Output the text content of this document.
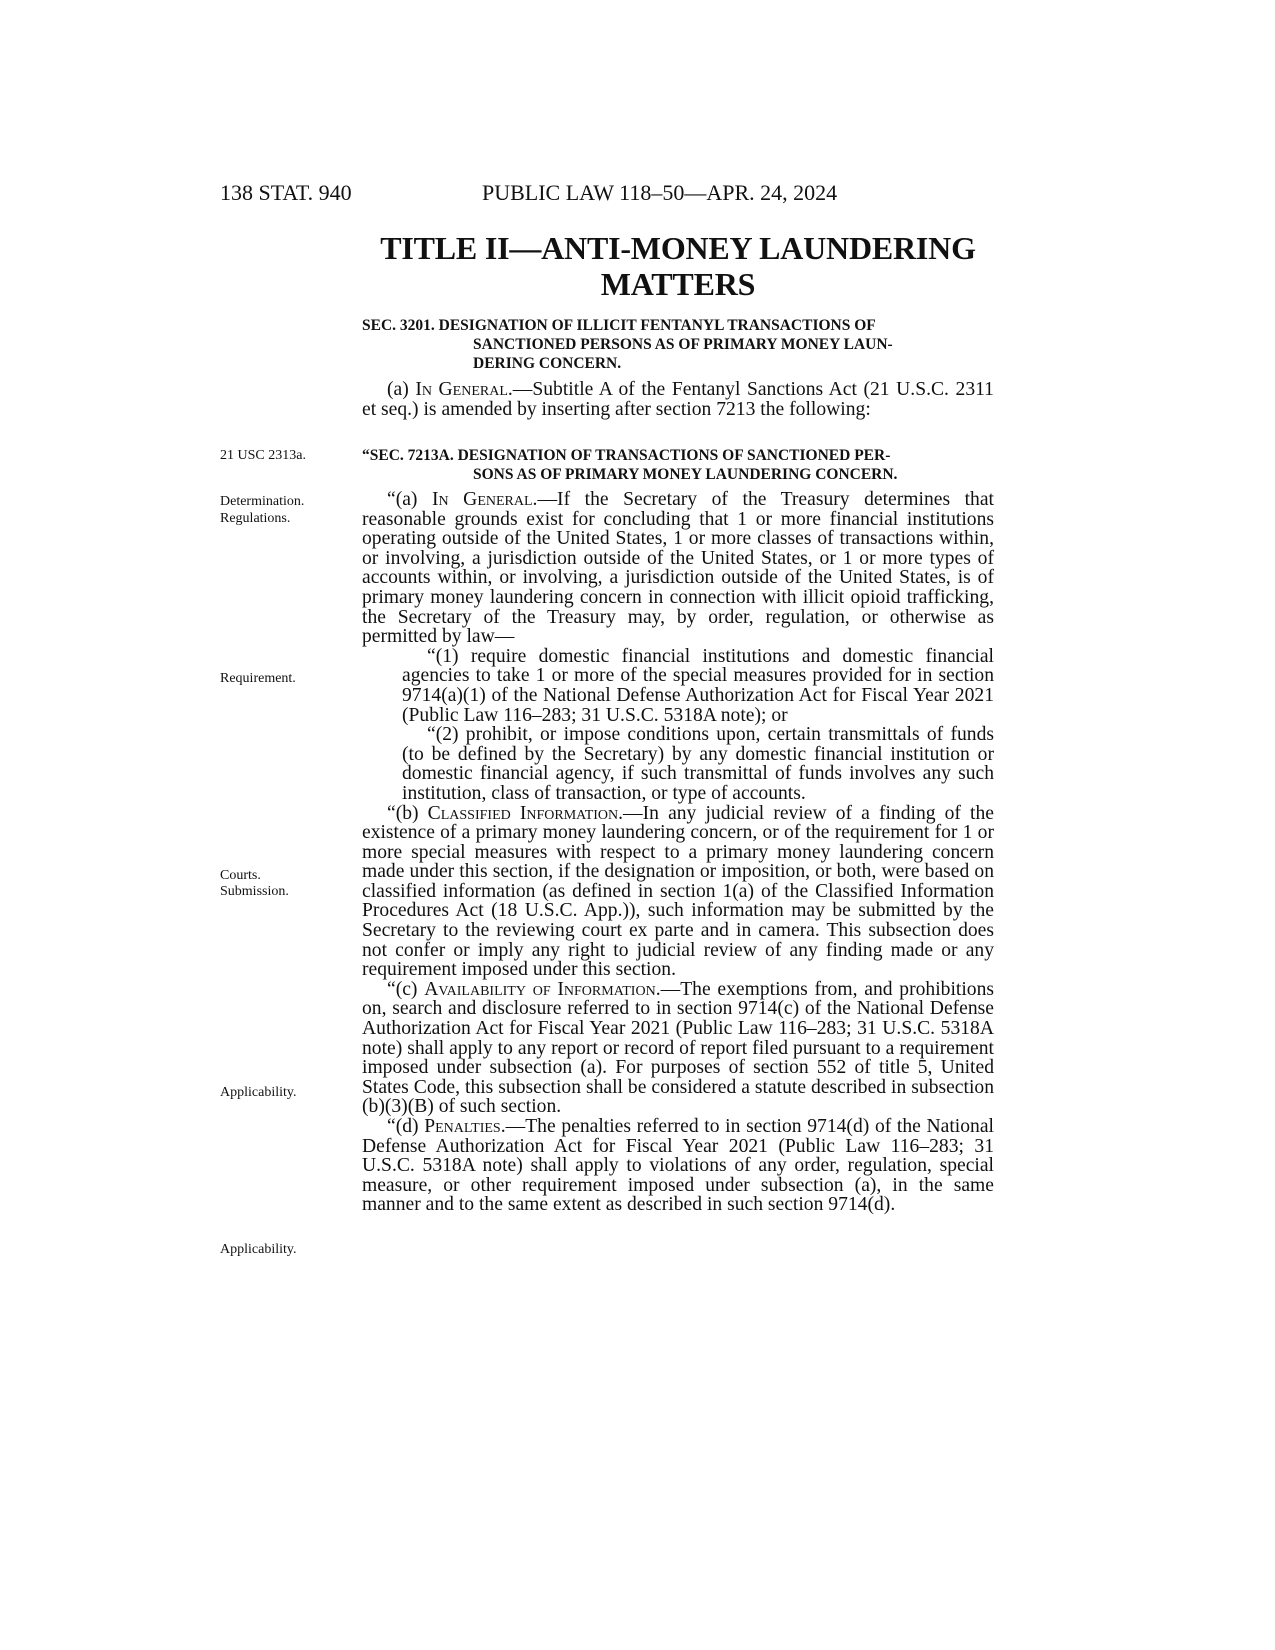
138 STAT. 940	PUBLIC LAW 118–50—APR. 24, 2024
TITLE II—ANTI-MONEY LAUNDERING
MATTERS
SEC. 3201. DESIGNATION OF ILLICIT FENTANYL TRANSACTIONS OF
SANCTIONED PERSONS AS OF PRIMARY MONEY LAUN-
DERING CONCERN.

(a) In General.—Subtitle A of the Fentanyl Sanctions Act (21 U.S.C. 2311 et seq.) is amended by inserting after section 7213 the following:

“SEC. 7213A. DESIGNATION OF TRANSACTIONS OF SANCTIONED PER-
SONS AS OF PRIMARY MONEY LAUNDERING CONCERN.

“(a) In General.—If the Secretary of the Treasury determines that reasonable grounds exist for concluding that 1 or more financial institutions operating outside of the United States, 1 or more classes of transactions within, or involving, a jurisdiction outside of the United States, or 1 or more types of accounts within, or involving, a jurisdiction outside of the United States, is of primary money laundering concern in connection with illicit opioid trafficking, the Secretary of the Treasury may, by order, regulation, or otherwise as permitted by law—

“(1) require domestic financial institutions and domestic financial agencies to take 1 or more of the special measures provided for in section 9714(a)(1) of the National Defense Authorization Act for Fiscal Year 2021 (Public Law 116–283; 31 U.S.C. 5318A note); or

“(2) prohibit, or impose conditions upon, certain transmittals of funds (to be defined by the Secretary) by any domestic financial institution or domestic financial agency, if such transmittal of funds involves any such institution, class of transaction, or type of accounts.

“(b) Classified Information.—In any judicial review of a finding of the existence of a primary money laundering concern, or of the requirement for 1 or more special measures with respect to a primary money laundering concern made under this section, if the designation or imposition, or both, were based on classified information (as defined in section 1(a) of the Classified Information Procedures Act (18 U.S.C. App.)), such information may be submitted by the Secretary to the reviewing court ex parte and in camera. This subsection does not confer or imply any right to judicial review of any finding made or any requirement imposed under this section.

“(c) Availability of Information.—The exemptions from, and prohibitions on, search and disclosure referred to in section 9714(c) of the National Defense Authorization Act for Fiscal Year 2021 (Public Law 116–283; 31 U.S.C. 5318A note) shall apply to any report or record of report filed pursuant to a requirement imposed under subsection (a). For purposes of section 552 of title 5, United States Code, this subsection shall be considered a statute described in subsection (b)(3)(B) of such section.

“(d) Penalties.—The penalties referred to in section 9714(d) of the National Defense Authorization Act for Fiscal Year 2021 (Public Law 116–283; 31 U.S.C. 5318A note) shall apply to violations of any order, regulation, special measure, or other requirement imposed under subsection (a), in the same manner and to the same extent as described in such section 9714(d).

21 USC 2313a.
Determination.
Regulations.
Requirement.
Courts.
Submission.
Applicability.
Applicability.
